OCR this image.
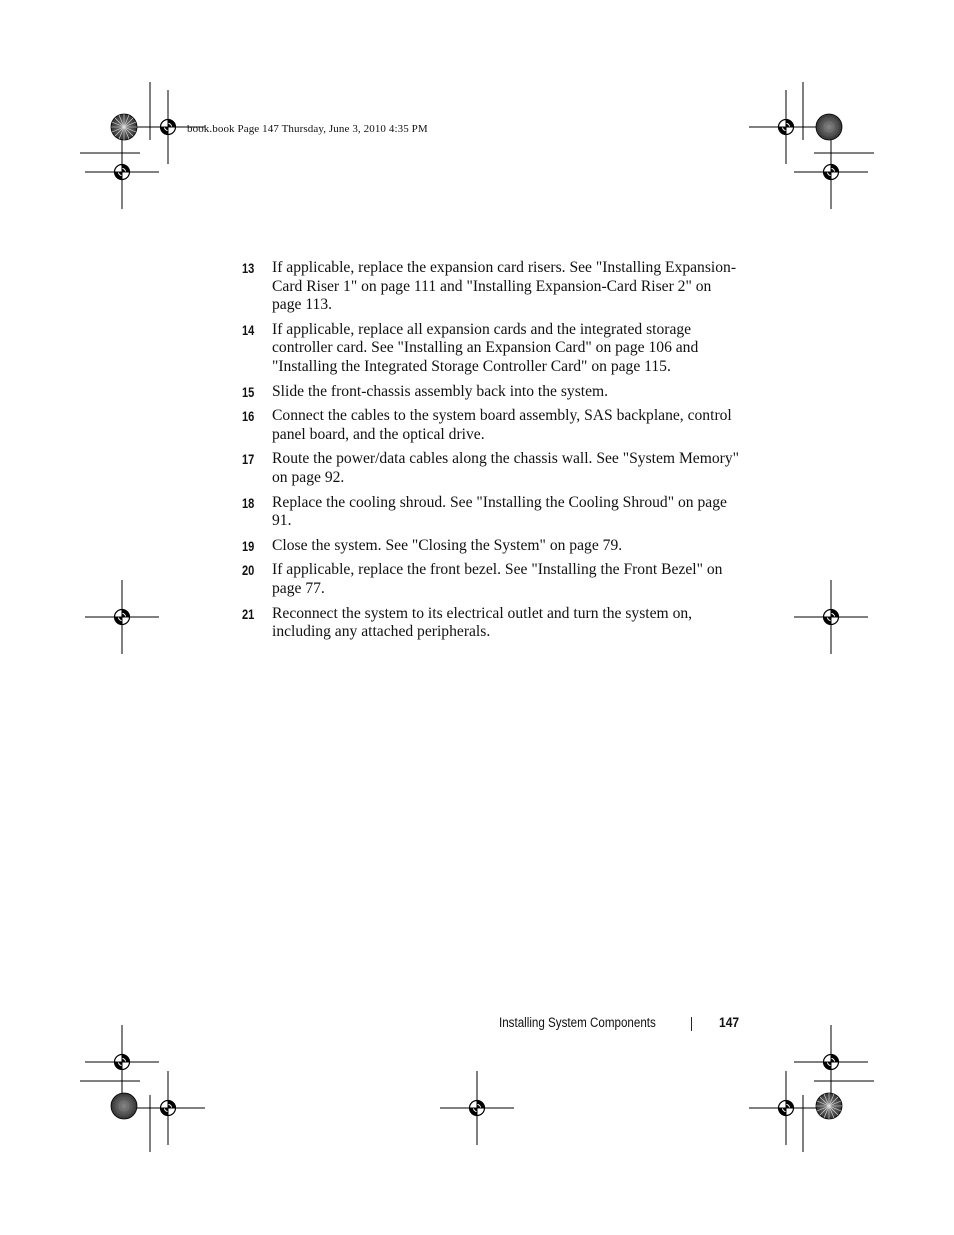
book.book Page 147 Thursday, June 3, 2010 4:35 PM
13 If applicable, replace the expansion card risers. See "Installing Expansion-Card Riser 1" on page 111 and "Installing Expansion-Card Riser 2" on page 113.
14 If applicable, replace all expansion cards and the integrated storage controller card. See "Installing an Expansion Card" on page 106 and "Installing the Integrated Storage Controller Card" on page 115.
15 Slide the front-chassis assembly back into the system.
16 Connect the cables to the system board assembly, SAS backplane, control panel board, and the optical drive.
17 Route the power/data cables along the chassis wall. See "System Memory" on page 92.
18 Replace the cooling shroud. See "Installing the Cooling Shroud" on page 91.
19 Close the system. See "Closing the System" on page 79.
20 If applicable, replace the front bezel. See "Installing the Front Bezel" on page 77.
21 Reconnect the system to its electrical outlet and turn the system on, including any attached peripherals.
Installing System Components	147
